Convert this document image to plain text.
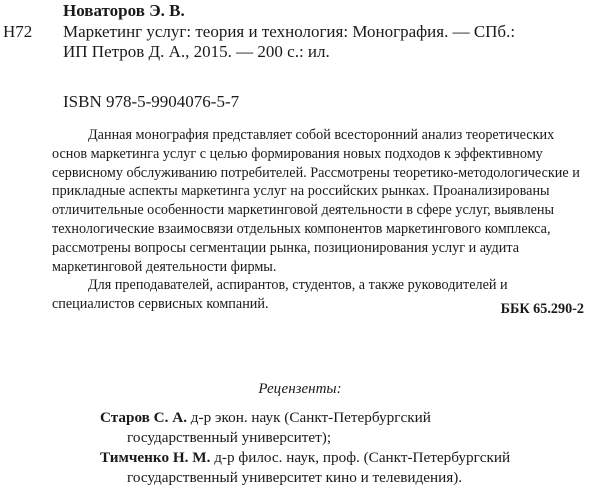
Н72

Новаторов Э. В.

Маркетинг услуг: теория и технология: Монография. — СПб.:
ИП Петров Д. А., 2015. — 200 с.: ил.

ISBN 978-5-9904076-5-7

Данная монография представляет собой всесторонний анализ теоретических основ маркетинга услуг с целью формирования новых подходов к эффективному сервисному обслуживанию потребителей. Рассмотрены теоретико-методологические и прикладные аспекты маркетинга услуг на российских рынках. Проанализированы отличительные особенности маркетинговой деятельности в сфере услуг, выявлены технологические взаимосвязи отдельных компонентов маркетингового комплекса, рассмотрены вопросы сегментации рынка, позиционирования услуг и аудита маркетинговой деятельности фирмы.

Для преподавателей, аспирантов, студентов, а также руководителей и специалистов сервисных компаний.	ББК 65.290-2
Рецензенты:
Старов С. А. д-р экон. наук (Санкт-Петербургский
государственный университет);
Тимченко Н. М. д-р филос. наук, проф. (Санкт-Петербургский
государственный университет кино и телевидения).
